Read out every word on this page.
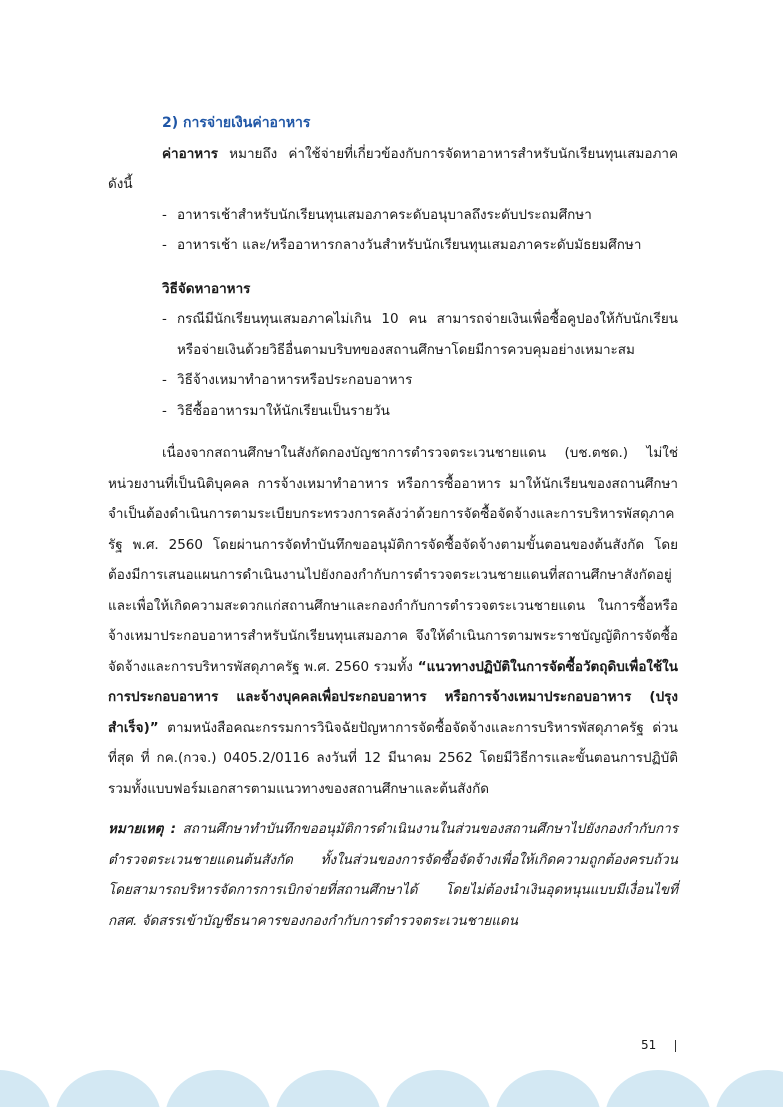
2) การจ่ายเงินค่าอาหาร

ค่าอาหาร หมายถึง ค่าใช้จ่ายที่เกี่ยวข้องกับการจัดหาอาหารสำหรับนักเรียนทุนเสมอภาค ดังนี้

- อาหารเช้าสำหรับนักเรียนทุนเสมอภาคระดับอนุบาลถึงระดับประถมศึกษา
- อาหารเช้า และ/หรืออาหารกลางวันสำหรับนักเรียนทุนเสมอภาคระดับมัธยมศึกษา
วิธีจัดหาอาหาร
- กรณีมีนักเรียนทุนเสมอภาคไม่เกิน 10 คน สามารถจ่ายเงินเพื่อซื้อคูปองให้กับนักเรียน หรือจ่ายเงินด้วยวิธีอื่นตามบริบทของสถานศึกษาโดยมีการควบคุมอย่างเหมาะสม
- วิธีจ้างเหมาทำอาหารหรือประกอบอาหาร
- วิธีซื้ออาหารมาให้นักเรียนเป็นรายวัน

เนื่องจากสถานศึกษาในสังกัดกองบัญชาการตำรวจตระเวนชายแดน (บช.ตชด.) ไม่ใช่หน่วยงานที่เป็นนิติบุคคล การจ้างเหมาทำอาหาร หรือการซื้ออาหาร มาให้นักเรียนของสถานศึกษา จำเป็นต้องดำเนินการตามระเบียบกระทรวงการคลังว่าด้วยการจัดซื้อจัดจ้างและการบริหารพัสดุภาครัฐ พ.ศ. 2560 โดยผ่านการจัดทำบันทึกขออนุมัติการจัดซื้อจัดจ้างตามขั้นตอนของต้นสังกัด โดยต้องมีการเสนอแผนการดำเนินงานไปยังกองกำกับการตำรวจตระเวนชายแดนที่สถานศึกษาสังกัดอยู่ และเพื่อให้เกิดความสะดวกแก่สถานศึกษาและกองกำกับการตำรวจตระเวนชายแดน ในการซื้อหรือจ้างเหมาประกอบอาหารสำหรับนักเรียนทุนเสมอภาค จึงให้ดำเนินการตามพระราชบัญญัติการจัดซื้อจัดจ้างและการบริหารพัสดุภาครัฐ พ.ศ. 2560 รวมทั้ง “แนวทางปฏิบัติในการจัดซื้อวัตถุดิบเพื่อใช้ในการประกอบอาหาร และจ้างบุคคลเพื่อประกอบอาหาร หรือการจ้างเหมาประกอบอาหาร (ปรุงสำเร็จ)” ตามหนังสือคณะกรรมการวินิจฉัยปัญหาการจัดซื้อจัดจ้างและการบริหารพัสดุภาครัฐ ด่วนที่สุด ที่ กค.(กวจ.) 0405.2/0116 ลงวันที่ 12 มีนาคม 2562 โดยมีวิธีการและขั้นตอนการปฏิบัติ รวมทั้งแบบฟอร์มเอกสารตามแนวทางของสถานศึกษาและต้นสังกัด

หมายเหตุ : สถานศึกษาทำบันทึกขออนุมัติการดำเนินงานในส่วนของสถานศึกษาไปยังกองกำกับการตำรวจตระเวนชายแดนต้นสังกัด ทั้งในส่วนของการจัดซื้อจัดจ้างเพื่อให้เกิดความถูกต้องครบถ้วน โดยสามารถบริหารจัดการการเบิกจ่ายที่สถานศึกษาได้ โดยไม่ต้องนำเงินอุดหนุนแบบมีเงื่อนไขที่ กสศ. จัดสรรเข้าบัญชีธนาคารของกองกำกับการตำรวจตระเวนชายแดน

51
